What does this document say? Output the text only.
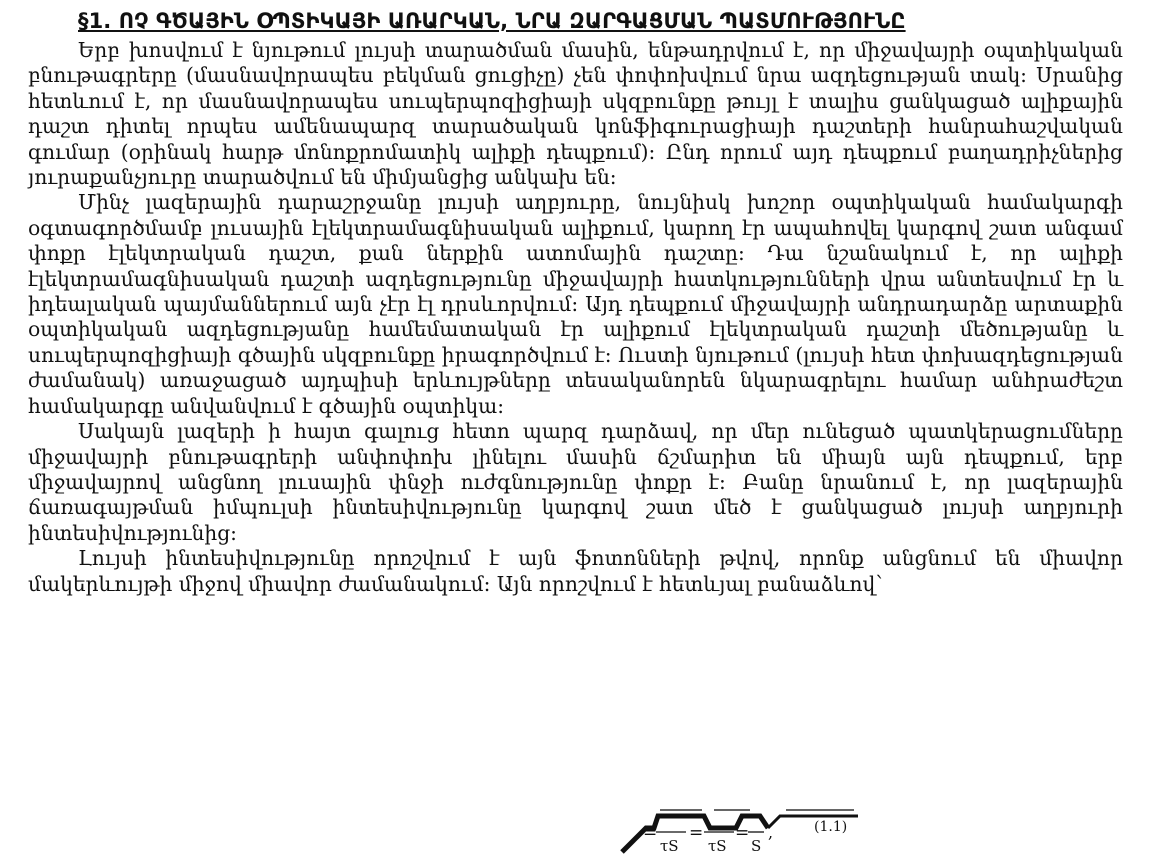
§1. ՈՉ ԳԾԱՅԻՆ ՕՊՏԻԿԱՅԻ ԱՌԱՐԿԱՆ, ՆՐԱ ԶԱՐԳԱՑՄԱՆ ՊԱՏՄՈՒԹՅՈՒՆԸ

Երբ խոսվում է նյութում լույսի տարածման մասին, ենթադրվում է, որ միջավայրի օպտիկական բնութագրերը (մասնավորապես բեկման ցուցիչը) չեն փոփոխվում նրա ազդեցության տակ: Սրանից հետևում է, որ մասնավորապես սուպերպոզիցիայի սկզբունքը թույլ է տալիս ցանկացած ալիքային դաշտ դիտել որպես ամենապարզ տարածական կոնֆիգուրացիայի դաշտերի հանրահաշվական գումար (օրինակ հարթ մոնոքրոմատիկ ալիքի դեպքում): Ընդ որում այդ դեպքում բաղադրիչներից յուրաքանչյուրը տարածվում են միմյանցից անկախ են:

Մինչ լազերային դարաշրջանը լույսի աղբյուրը, նույնիսկ խոշոր օպտիկական համակարգի օգտագործմամբ լուսային էլեկտրամագնիսական ալիքում, կարող էր ապահովել կարգով շատ անգամ փոքր էլեկտրական դաշտ, քան ներքին ատոմային դաշտը: Դա նշանակում է, որ ալիքի էլեկտրամագնիսական դաշտի ազդեցությունը միջավայրի հատկությունների վրա անտեսվում էր և իդեալական պայմաններում այն չէր էլ դրսևորվում: Այդ դեպքում միջավայրի անդրադարձը արտաքին օպտիկական ազդեցությանը համեմատական էր ալիքում էլեկտրական դաշտի մեծությանը և սուպերպոզիցիայի գծային սկզբունքը իրագործվում է: Ուստի նյութում (լույսի հետ փոխազդեցության ժամանակ) առաջացած այդպիսի երևույթները տեսականորեն նկարագրելու համար անհրաժեշտ համակարգը անվանվում է գծային օպտիկա:

Սակայն լազերի ի հայտ գալուց հետո պարզ դարձավ, որ մեր ունեցած պատկերացումները միջավայրի բնութագրերի անփոփոխ լինելու մասին ճշմարիտ են միայն այն դեպքում, երբ միջավայրով անցնող լուսային փնջի ուժգնությունը փոքր է: Բանը նրանում է, որ լազերային ճառագայթման իմպուլսի ինտեսիվությունը կարգով շատ մեծ է ցանկացած լույսի աղբյուրի ինտեսիվությունից:

Լույսի ինտեսիվությունը որոշվում է այն ֆոտոնների թվով, որոնք անցնում են միավոր մակերևույթի միջով միավոր ժամանակում: Այն որոշվում է հետևյալ բանաձևով`

= = =
τS τS S
,	(1.1)
